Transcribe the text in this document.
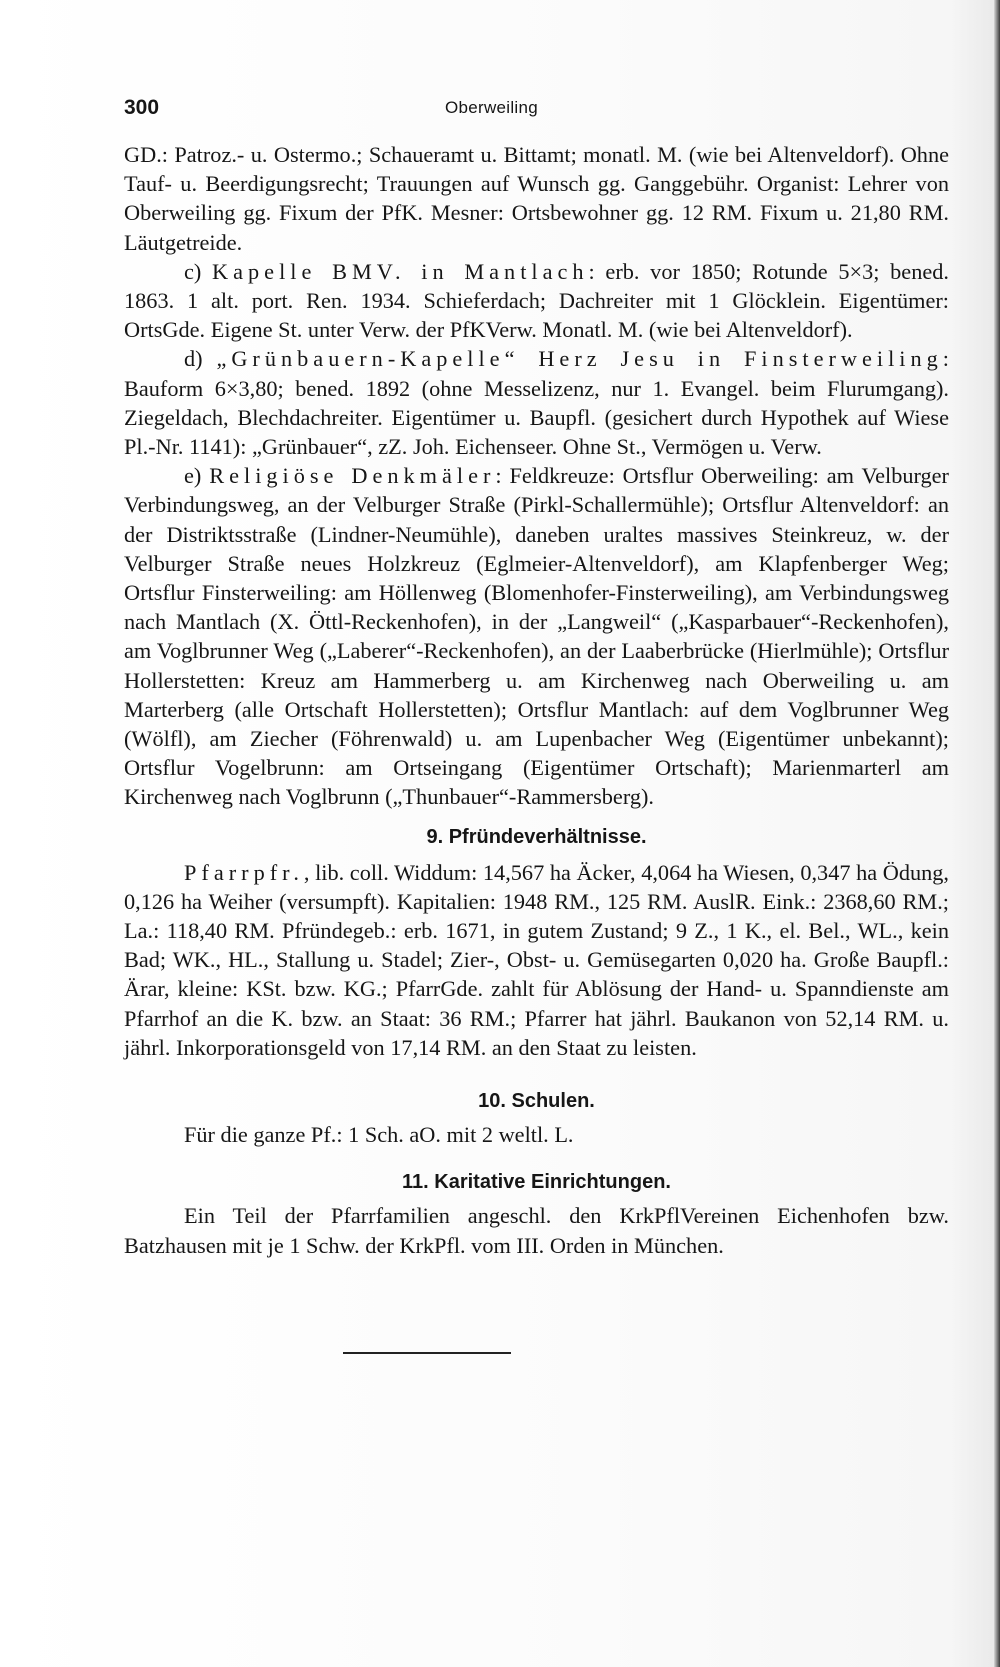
300	Oberweiling

GD.: Patroz.- u. Ostermo.; Schaueramt u. Bittamt; monatl. M. (wie bei Altenveldorf). Ohne Tauf- u. Beerdigungsrecht; Trauungen auf Wunsch gg. Ganggebühr. Organist: Lehrer von Oberweiling gg. Fixum der PfK. Mesner: Ortsbewohner gg. 12 RM. Fixum u. 21,80 RM. Läutgetreide.

c) Kapelle BMV. in Mantlach: erb. vor 1850; Rotunde 5×3; bened. 1863. 1 alt. port. Ren. 1934. Schieferdach; Dachreiter mit 1 Glöcklein. Eigentümer: OrtsGde. Eigene St. unter Verw. der PfKVerw. Monatl. M. (wie bei Altenveldorf).

d) „Grünbauern-Kapelle“ Herz Jesu in Finsterweiling: Bauform 6×3,80; bened. 1892 (ohne Messelizenz, nur 1. Evangel. beim Flurumgang). Ziegeldach, Blechdachreiter. Eigentümer u. Baupfl. (gesichert durch Hypothek auf Wiese Pl.-Nr. 1141): „Grünbauer“, zZ. Joh. Eichenseer. Ohne St., Vermögen u. Verw.

e) Religiöse Denkmäler: Feldkreuze: Ortsflur Oberweiling: am Velburger Verbindungsweg, an der Velburger Straße (Pirkl-Schallermühle); Ortsflur Altenveldorf: an der Distriktsstraße (Lindner-Neumühle), daneben uraltes massives Steinkreuz, w. der Velburger Straße neues Holzkreuz (Eglmeier-Altenveldorf), am Klapfenberger Weg; Ortsflur Finsterweiling: am Höllenweg (Blomenhofer-Finsterweiling), am Verbindungsweg nach Mantlach (X. Öttl-Reckenhofen), in der „Langweil“ („Kasparbauer“-Reckenhofen), am Voglbrunner Weg („Laberer“-Reckenhofen), an der Laaberbrücke (Hierlmühle); Ortsflur Hollerstetten: Kreuz am Hammerberg u. am Kirchenweg nach Oberweiling u. am Marterberg (alle Ortschaft Hollerstetten); Ortsflur Mantlach: auf dem Voglbrunner Weg (Wölfl), am Ziecher (Föhrenwald) u. am Lupenbacher Weg (Eigentümer unbekannt); Ortsflur Vogelbrunn: am Ortseingang (Eigentümer Ortschaft); Marienmarterl am Kirchenweg nach Voglbrunn („Thunbauer“-Rammersberg).

9. Pfründeverhältnisse.

Pfarrpfr., lib. coll. Widdum: 14,567 ha Äcker, 4,064 ha Wiesen, 0,347 ha Ödung, 0,126 ha Weiher (versumpft). Kapitalien: 1948 RM., 125 RM. AuslR. Eink.: 2368,60 RM.; La.: 118,40 RM. Pfründegeb.: erb. 1671, in gutem Zustand; 9 Z., 1 K., el. Bel., WL., kein Bad; WK., HL., Stallung u. Stadel; Zier-, Obst- u. Gemüsegarten 0,020 ha. Große Baupfl.: Ärar, kleine: KSt. bzw. KG.; PfarrGde. zahlt für Ablösung der Hand- u. Spanndienste am Pfarrhof an die K. bzw. an Staat: 36 RM.; Pfarrer hat jährl. Baukanon von 52,14 RM. u. jährl. Inkorporationsgeld von 17,14 RM. an den Staat zu leisten.

10. Schulen.

Für die ganze Pf.: 1 Sch. aO. mit 2 weltl. L.

11. Karitative Einrichtungen.

Ein Teil der Pfarrfamilien angeschl. den KrkPflVereinen Eichenhofen bzw. Batzhausen mit je 1 Schw. der KrkPfl. vom III. Orden in München.
